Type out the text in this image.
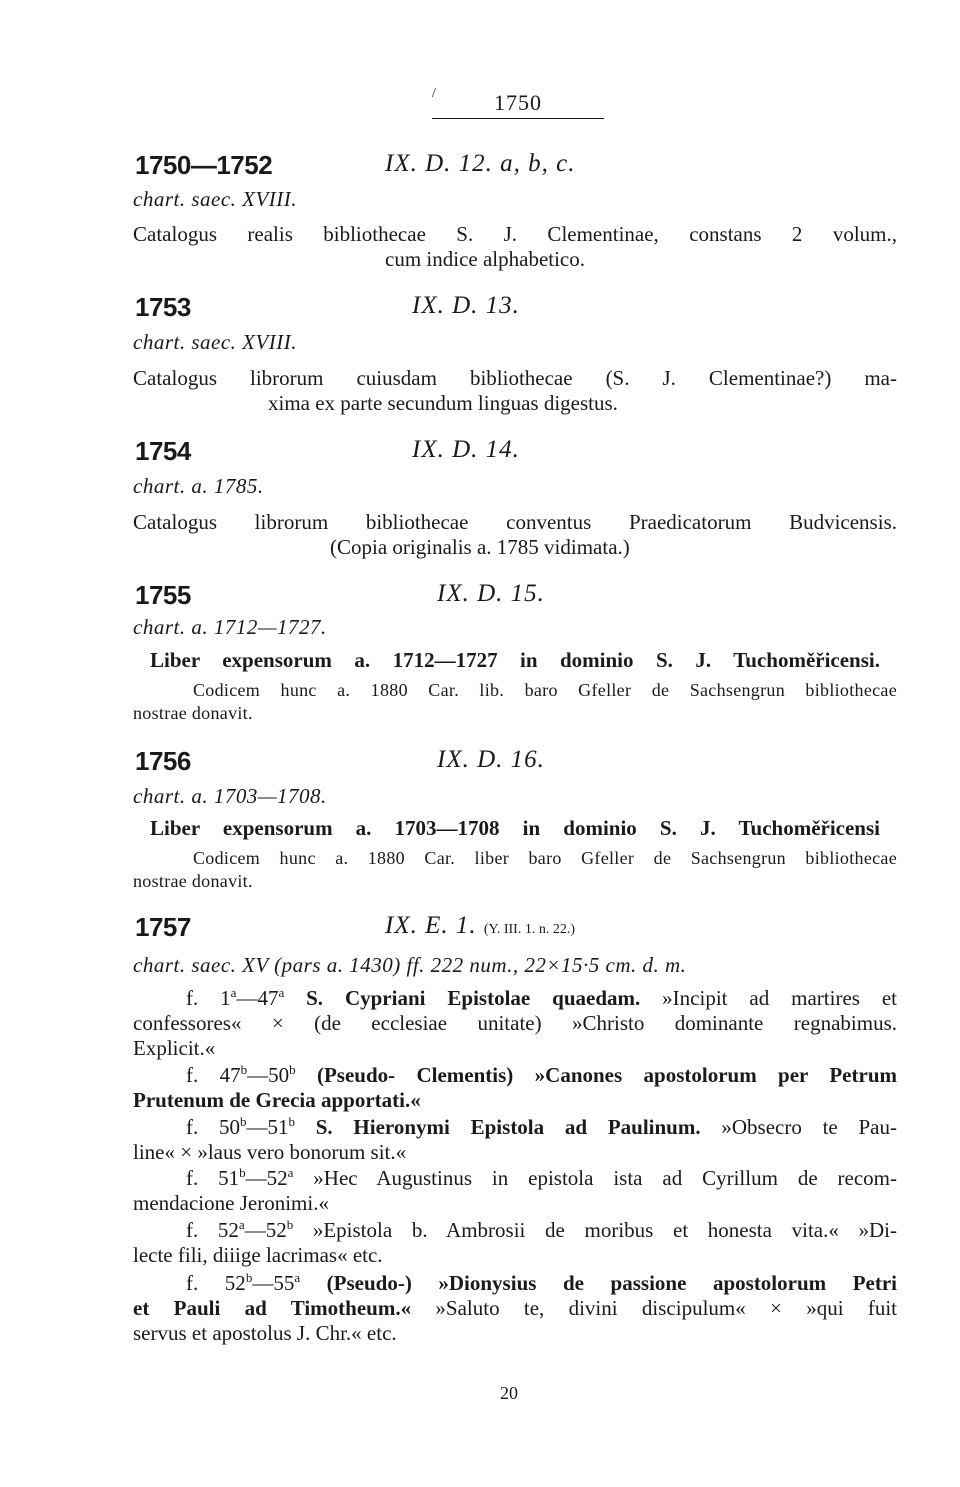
/	1750
1750—1752	IX. D. 12. a, b, c.
chart. saec. XVIII.
Catalogus realis bibliothecae S. J. Clementinae, constans 2 volum.,
cum indice alphabetico.
1753	IX. D. 13.
chart. saec. XVIII.
Catalogus librorum cuiusdam bibliothecae (S. J. Clementinae?) ma-
xima ex parte secundum linguas digestus.
1754	IX. D. 14.
chart. a. 1785.
Catalogus librorum bibliothecae conventus Praedicatorum Budvicensis.
(Copia originalis a. 1785 vidimata.)
1755	IX. D. 15.
chart. a. 1712—1727.
Liber expensorum a. 1712—1727 in dominio S. J. Tuchoměřicensi.
Codicem hunc a. 1880 Car. lib. baro Gfeller de Sachsengrun bibliothecae
nostrae donavit.
1756	IX. D. 16.
chart. a. 1703—1708.
Liber expensorum a. 1703—1708 in dominio S. J. Tuchoměřicensi
Codicem hunc a. 1880 Car. liber baro Gfeller de Sachsengrun bibliothecae
nostrae donavit.
1757	IX. E. 1. (Y. III. 1. n. 22.)
chart. saec. XV (pars a. 1430) ff. 222 num., 22×15·5 cm. d. m.
f. 1$^a$—47$^a$ S. Cypriani Epistolae quaedam. »Incipit ad martires et
confessores« × (de ecclesiae unitate) »Christo dominante regnabimus.
Explicit.«
f. 47$^b$—50$^b$ (Pseudo- Clementis) »Canones apostolorum per Petrum
Prutenum de Grecia apportati.«
f. 50$^b$—51$^b$ S. Hieronymi Epistola ad Paulinum. »Obsecro te Pau-
line« × »laus vero bonorum sit.«
f. 51$^b$—52$^a$ »Hec Augustinus in epistola ista ad Cyrillum de recom-
mendacione Jeronimi.«
f. 52$^a$—52$^b$ »Epistola b. Ambrosii de moribus et honesta vita.« »Di-
lecte fili, diiige lacrimas« etc.
f. 52$^b$—55$^a$ (Pseudo-) »Dionysius de passione apostolorum Petri
et Pauli ad Timotheum.« »Saluto te, divini discipulum« × »qui fuit
servus et apostolus J. Chr.« etc.
20
